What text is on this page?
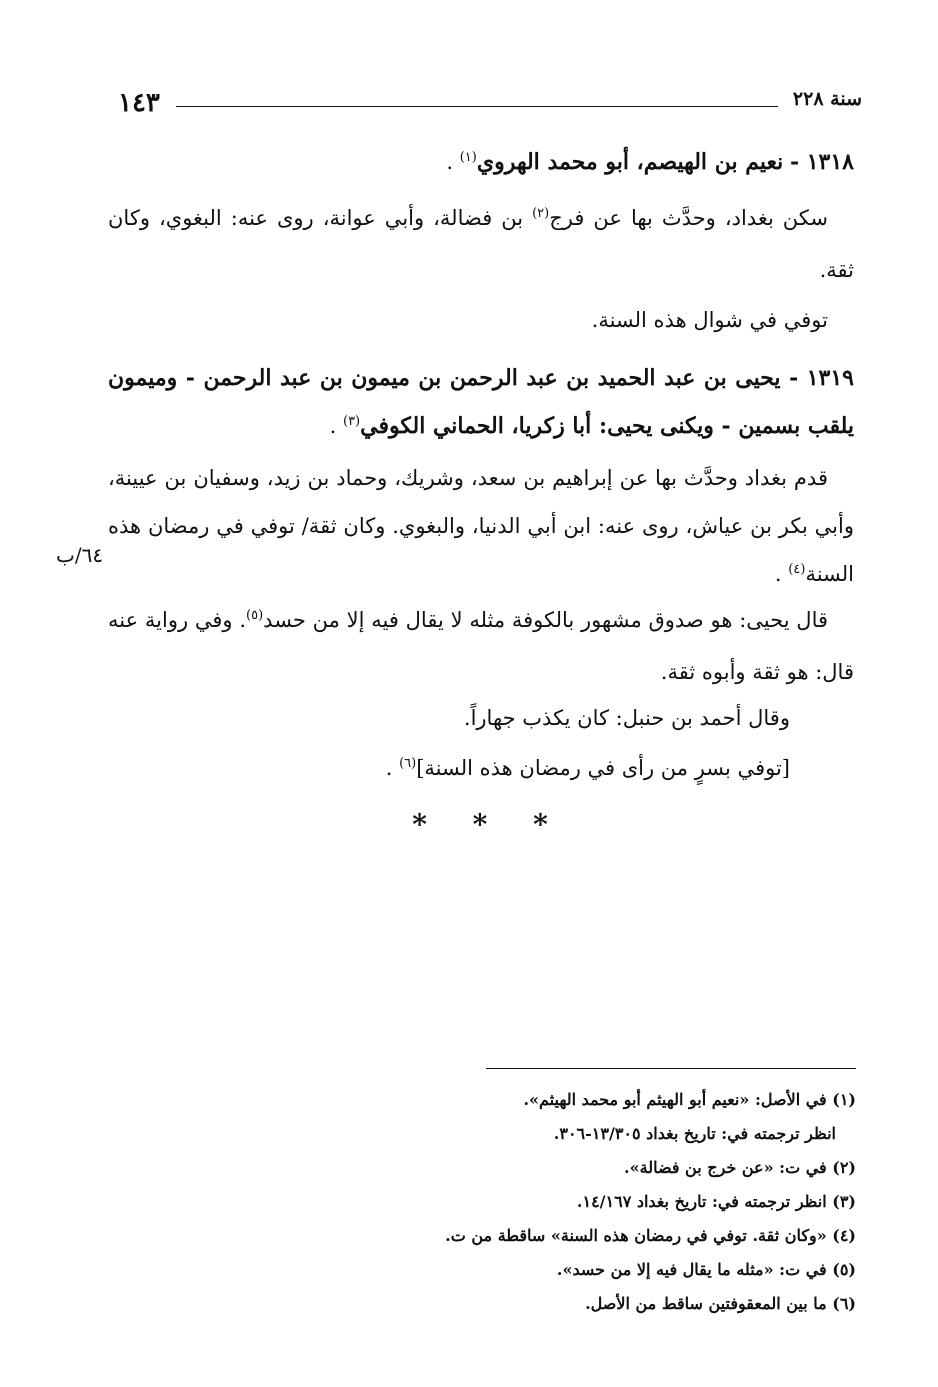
١٤٣	سنة ٢٢٨
١٣١٨ - نعيم بن الهيصم، أبو محمد الهروي$^{(١)}$ .
سكن بغداد، وحدَّث بها عن فرج$^{(٢)}$ بن فضالة، وأبي عوانة، روى عنه: البغوي، وكان ثقة.
توفي في شوال هذه السنة.
١٣١٩ - يحيى بن عبد الحميد بن عبد الرحمن بن ميمون بن عبد الرحمن - وميمون يلقب بسمين - ويكنى يحيى: أبا زكريا، الحماني الكوفي$^{(٣)}$ .
قدم بغداد وحدَّث بها عن إبراهيم بن سعد، وشريك، وحماد بن زيد، وسفيان بن عيينة، وأبي بكر بن عياش، روى عنه: ابن أبي الدنيا، والبغوي. وكان ثقة/ توفي في رمضان هذه السنة$^{(٤)}$ .
٦٤/ب
قال يحيى: هو صدوق مشهور بالكوفة مثله لا يقال فيه إلا من حسد$^{(٥)}$. وفي رواية عنه قال: هو ثقة وأبوه ثقة.
وقال أحمد بن حنبل: كان يكذب جهاراً.
[توفي بسرٍ من رأى في رمضان هذه السنة]$^{(٦)}$ .
* * *
(١) في الأصل: «نعيم أبو الهيثم أبو محمد الهيثم».
انظر ترجمته في: تاريخ بغداد ١٣/٣٠٥-٣٠٦.
(٢) في ت: «عن خرج بن فضالة».
(٣) انظر ترجمته في: تاريخ بغداد ١٤/١٦٧.
(٤) «وكان ثقة. توفي في رمضان هذه السنة» ساقطة من ت.
(٥) في ت: «مثله ما يقال فيه إلا من حسد».
(٦) ما بين المعقوفتين ساقط من الأصل.
